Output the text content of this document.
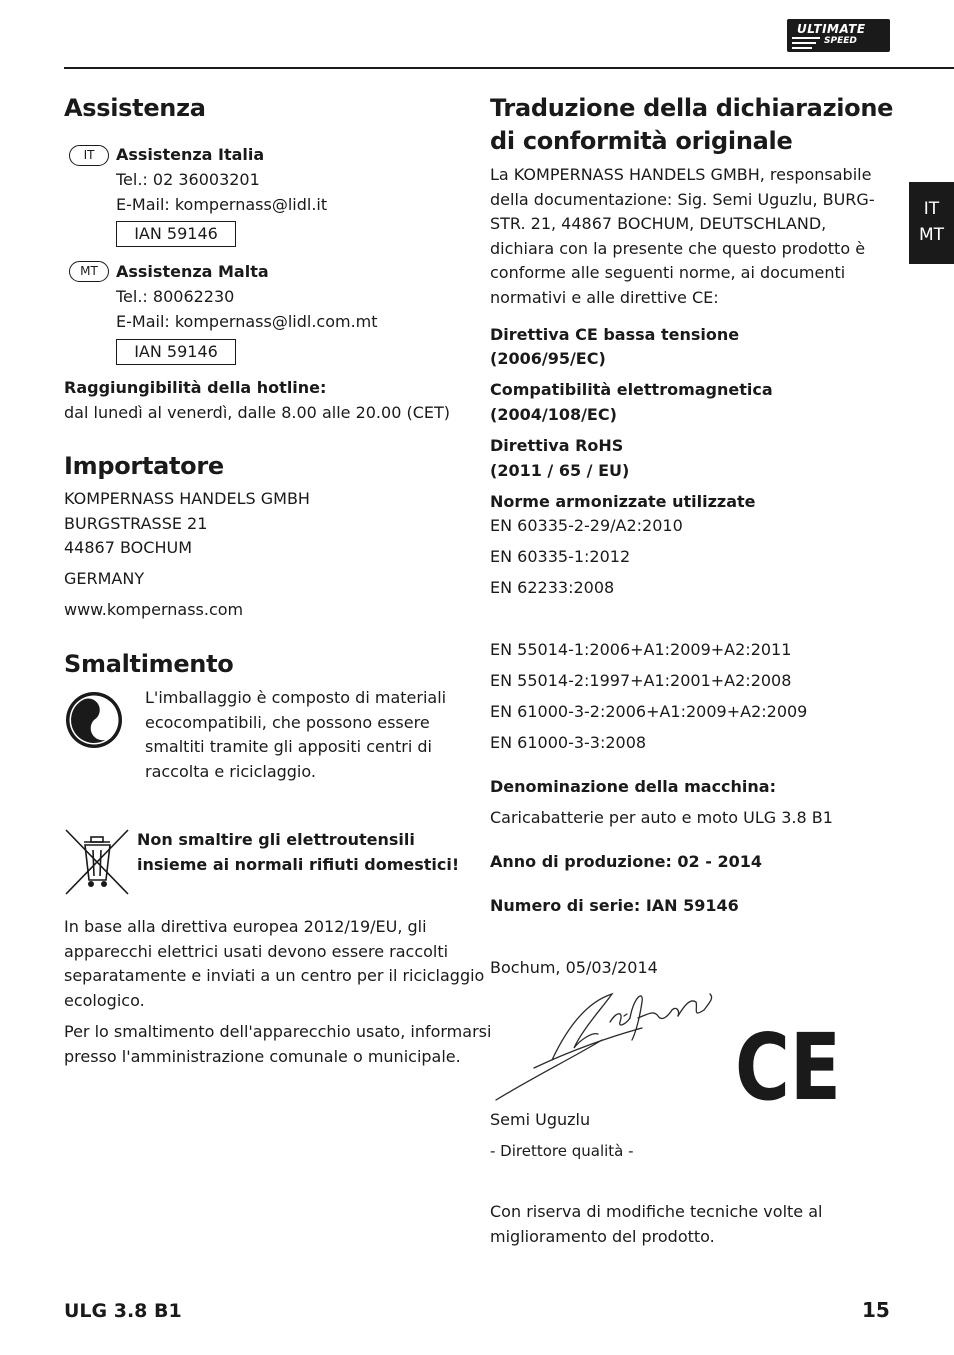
ULTIMATE
SPEED
IT
MT
Assistenza
IT	Assistenza Italia
Tel.: 02 36003201
E-Mail: kompernass@lidl.it
IAN 59146
MT	Assistenza Malta
Tel.: 80062230
E-Mail: kompernass@lidl.com.mt
IAN 59146
Raggiungibilità della hotline:
dal lunedì al venerdì, dalle 8.00 alle 20.00 (CET)
Importatore
KOMPERNASS HANDELS GMBH
BURGSTRASSE 21
44867 BOCHUM
GERMANY
www.kompernass.com
Smaltimento
L'imballaggio è composto di materiali
ecocompatibili, che possono essere
smaltiti tramite gli appositi centri di
raccolta e riciclaggio.
Non smaltire gli elettroutensili
insieme ai normali rifiuti domestici!
In base alla direttiva europea 2012/19/EU, gli
apparecchi elettrici usati devono essere raccolti
separatamente e inviati a un centro per il riciclaggio
ecologico.
Per lo smaltimento dell'apparecchio usato, informarsi
presso l'amministrazione comunale o municipale.
Traduzione della dichiarazione
di conformità originale
La KOMPERNASS HANDELS GMBH, responsabile
della documentazione: Sig. Semi Uguzlu, BURG-
STR. 21, 44867 BOCHUM, DEUTSCHLAND,
dichiara con la presente che questo prodotto è
conforme alle seguenti norme, ai documenti
normativi e alle direttive CE:
Direttiva CE bassa tensione
(2006/95/EC)
Compatibilità elettromagnetica
(2004/108/EC)
Direttiva RoHS
(2011 / 65 / EU)
Norme armonizzate utilizzate
EN 60335-2-29/A2:2010
EN 60335-1:2012
EN 62233:2008
EN 55014-1:2006+A1:2009+A2:2011
EN 55014-2:1997+A1:2001+A2:2008
EN 61000-3-2:2006+A1:2009+A2:2009
EN 61000-3-3:2008
Denominazione della macchina:
Caricabatterie per auto e moto ULG 3.8 B1
Anno di produzione: 02 - 2014
Numero di serie: IAN 59146
Bochum, 05/03/2014
CE
Semi Uguzlu
- Direttore qualità -
Con riserva di modifiche tecniche volte al
miglioramento del prodotto.
ULG 3.8 B1	15
